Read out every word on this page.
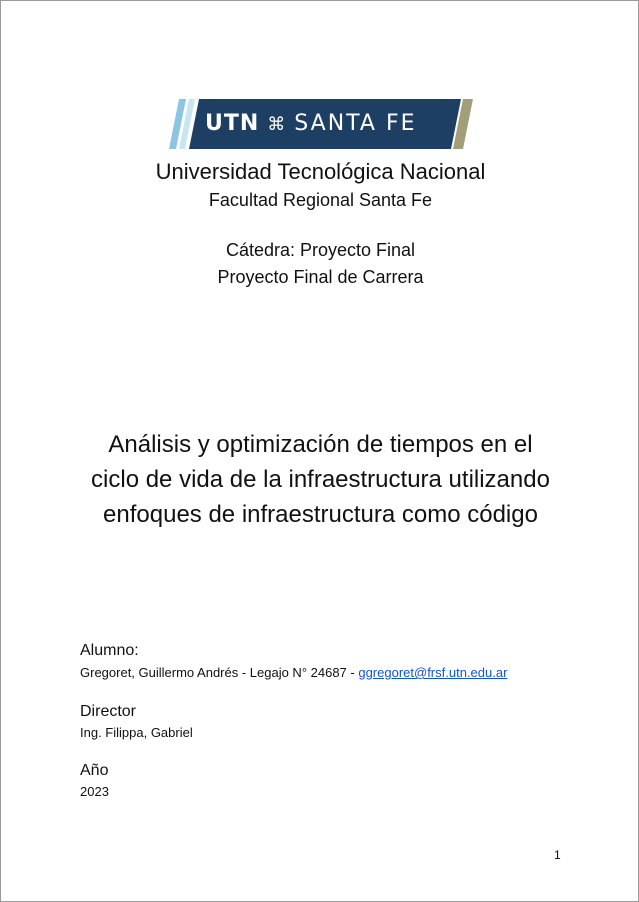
UTN ⌘ SANTA FE
Universidad Tecnológica Nacional
Facultad Regional Santa Fe
Cátedra: Proyecto Final
Proyecto Final de Carrera
Análisis y optimización de tiempos en el
ciclo de vida de la infraestructura utilizando
enfoques de infraestructura como código
Alumno:
Gregoret, Guillermo Andrés - Legajo N° 24687 - ggregoret@frsf.utn.edu.ar
Director
Ing. Filippa, Gabriel
Año
2023
1
